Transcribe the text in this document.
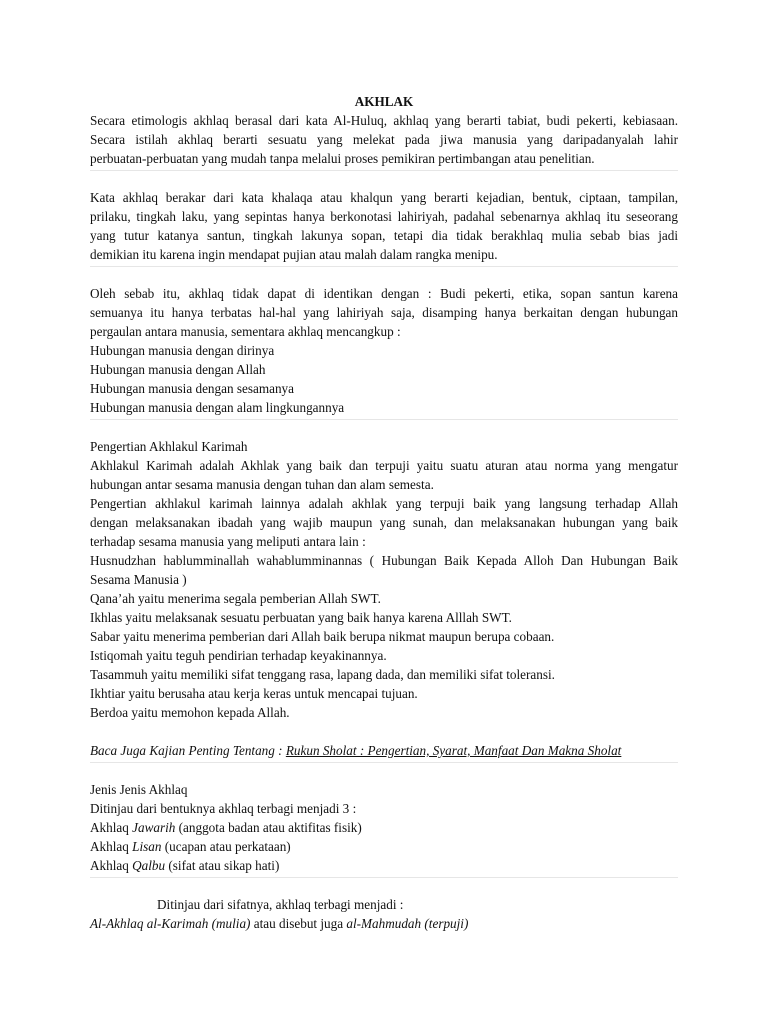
AKHLAK
Secara etimologis akhlaq berasal dari kata Al-Huluq, akhlaq yang berarti tabiat, budi pekerti, kebiasaan.
Secara istilah akhlaq berarti sesuatu yang melekat pada jiwa manusia yang daripadanyalah lahir
perbuatan-perbuatan yang mudah tanpa melalui proses pemikiran pertimbangan atau penelitian.
Kata akhlaq berakar dari kata khalaqa atau khalqun yang berarti kejadian, bentuk, ciptaan, tampilan,
prilaku, tingkah laku, yang sepintas hanya berkonotasi lahiriyah, padahal sebenarnya akhlaq itu seseorang
yang tutur katanya santun, tingkah lakunya sopan, tetapi dia tidak berakhlaq mulia sebab bias jadi
demikian itu karena ingin mendapat pujian atau malah dalam rangka menipu.
Oleh sebab itu, akhlaq tidak dapat di identikan dengan : Budi pekerti, etika, sopan santun karena
semuanya itu hanya terbatas hal-hal yang lahiriyah saja, disamping hanya berkaitan dengan hubungan
pergaulan antara manusia, sementara akhlaq mencangkup :
Hubungan manusia dengan dirinya
Hubungan manusia dengan Allah
Hubungan manusia dengan sesamanya
Hubungan manusia dengan alam lingkungannya
Pengertian Akhlakul Karimah
Akhlakul Karimah adalah Akhlak yang baik dan terpuji yaitu suatu aturan atau norma yang mengatur
hubungan antar sesama manusia dengan tuhan dan alam semesta.
Pengertian akhlakul karimah lainnya adalah akhlak yang terpuji baik yang langsung terhadap Allah
dengan melaksanakan ibadah yang wajib maupun yang sunah, dan melaksanakan hubungan yang baik
terhadap sesama manusia yang meliputi antara lain :
Husnudzhan hablumminallah wahablumminannas ( Hubungan Baik Kepada Alloh Dan Hubungan Baik
Sesama Manusia )
Qana’ah yaitu menerima segala pemberian Allah SWT.
Ikhlas yaitu melaksanak sesuatu perbuatan yang baik hanya karena Alllah SWT.
Sabar yaitu menerima pemberian dari Allah baik berupa nikmat maupun berupa cobaan.
Istiqomah yaitu teguh pendirian terhadap keyakinannya.
Tasammuh yaitu memiliki sifat tenggang rasa, lapang dada, dan memiliki sifat toleransi.
Ikhtiar yaitu berusaha atau kerja keras untuk mencapai tujuan.
Berdoa yaitu memohon kepada Allah.
Baca Juga Kajian Penting Tentang : Rukun Sholat : Pengertian, Syarat, Manfaat Dan Makna Sholat
Jenis Jenis Akhlaq
Ditinjau dari bentuknya akhlaq terbagi menjadi 3 :
Akhlaq Jawarih (anggota badan atau aktifitas fisik)
Akhlaq Lisan (ucapan atau perkataan)
Akhlaq Qalbu (sifat atau sikap hati)
Ditinjau dari sifatnya, akhlaq terbagi menjadi :
Al-Akhlaq al-Karimah (mulia) atau disebut juga al-Mahmudah (terpuji)
